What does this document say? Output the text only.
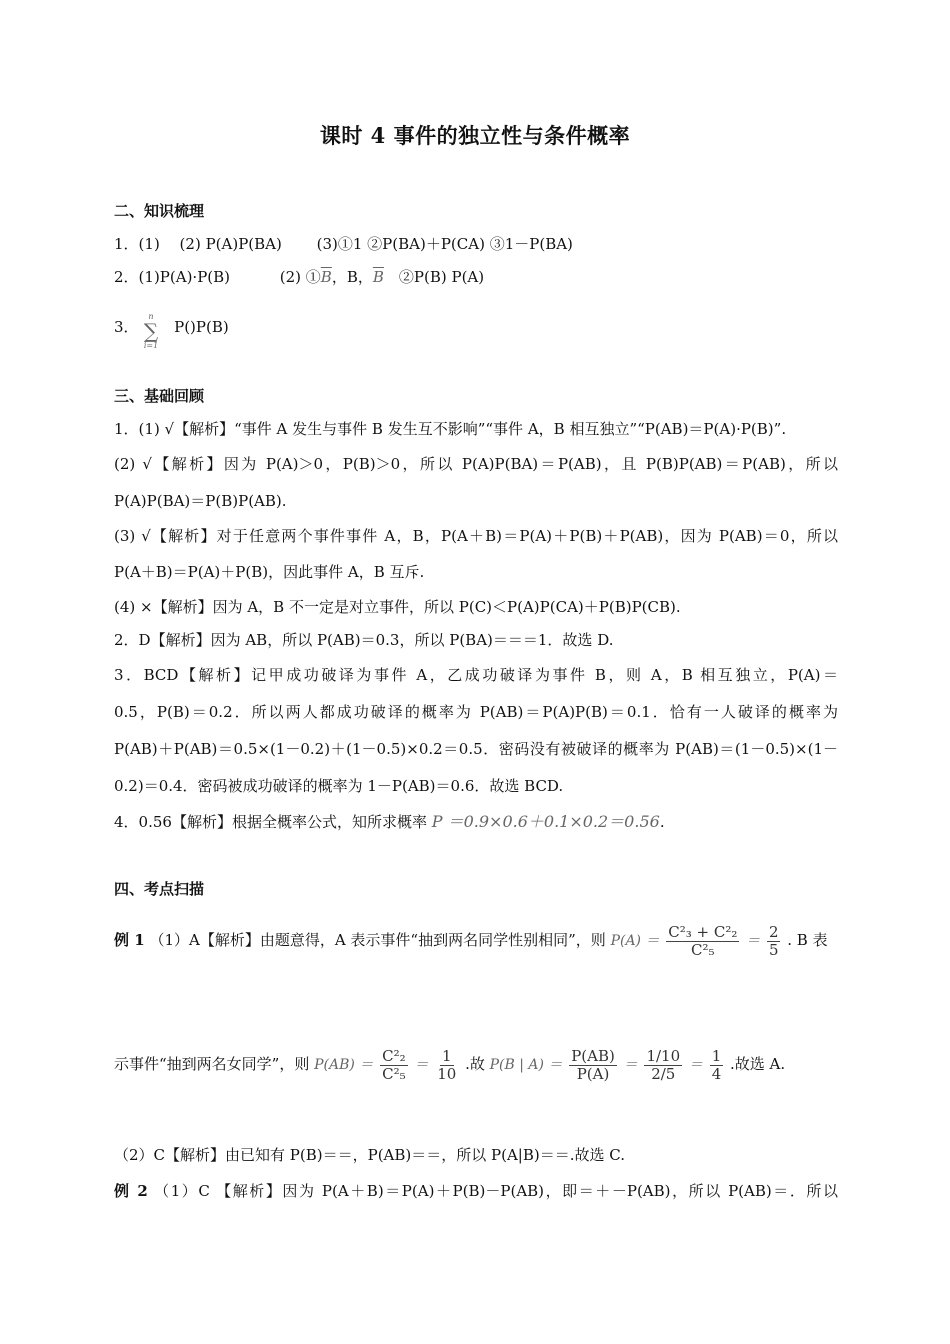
课时 4 事件的独立性与条件概率
二、知识梳理
1．(1)　 (2) P(A)P(BA)　　 (3)①1 ②P(BA)＋P(CA) ③1－P(BA)
2．(1)P(A)·P(B)　　　 (2) $①\overline{B}$，B，$\overline{B}$　②P(B) P(A)
3． P()P(B)
n
∑
i=1
三、基础回顾
1．(1) √【解析】“事件 A 发生与事件 B 发生互不影响”“事件 A，B 相互独立”“P(AB)＝P(A)·P(B)”.
(2) √【解析】因为 P(A)＞0，P(B)＞0，所以 P(A)P(BA)＝P(AB)，且 P(B)P(AB)＝P(AB)，所以
P(A)P(BA)＝P(B)P(AB).
(3) √【解析】对于任意两个事件事件 A，B，P(A＋B)＝P(A)＋P(B)＋P(AB)，因为 P(AB)＝0，所以
P(A＋B)＝P(A)＋P(B)，因此事件 A，B 互斥.
(4) ×【解析】因为 A，B 不一定是对立事件，所以 P(C)＜P(A)P(CA)＋P(B)P(CB).
2．D【解析】因为 AB，所以 P(AB)＝0.3，所以 P(BA)＝＝＝1．故选 D.
3．BCD【解析】记甲成功破译为事件 A，乙成功破译为事件 B，则 A，B 相互独立，P(A)＝
0.5，P(B)＝0.2．所以两人都成功破译的概率为 P(AB)＝P(A)P(B)＝0.1．恰有一人破译的概率为
P(AB)＋P(AB)＝0.5×(1－0.2)＋(1－0.5)×0.2＝0.5．密码没有被破译的概率为 P(AB)＝(1－0.5)×(1－
0.2)＝0.4．密码被成功破译的概率为 1－P(AB)＝0.6．故选 BCD.
4．0.56【解析】根据全概率公式，知所求概率 P ＝0.9×0.6＋0.1×0.2＝0.56.
四、考点扫描
例 1 （1）A【解析】由题意得，A 表示事件“抽到两名同学性别相同”，则 $P(A) = \frac{\text{C²₃ + C²₂}}{\text{C²₅}} = \frac{2}{5}$ . B 表
示事件“抽到两名女同学”，则 $P(AB) = \frac{\text{C²₂}}{\text{C²₅}} = \frac{1}{10}$ .故 P(B | $A) = \frac{P(AB)}{P(A)} = \frac{1/10}{2/5} = \frac{1}{4}$ .故选 A.
（2）C【解析】由已知有 P(B)＝＝，P(AB)＝＝，所以 P(A|B)＝＝.故选 C.
例 2 （1）C 【解析】因为 P(A＋B)＝P(A)＋P(B)－P(AB)，即＝＋－P(AB)，所以 P(AB)＝．所以
